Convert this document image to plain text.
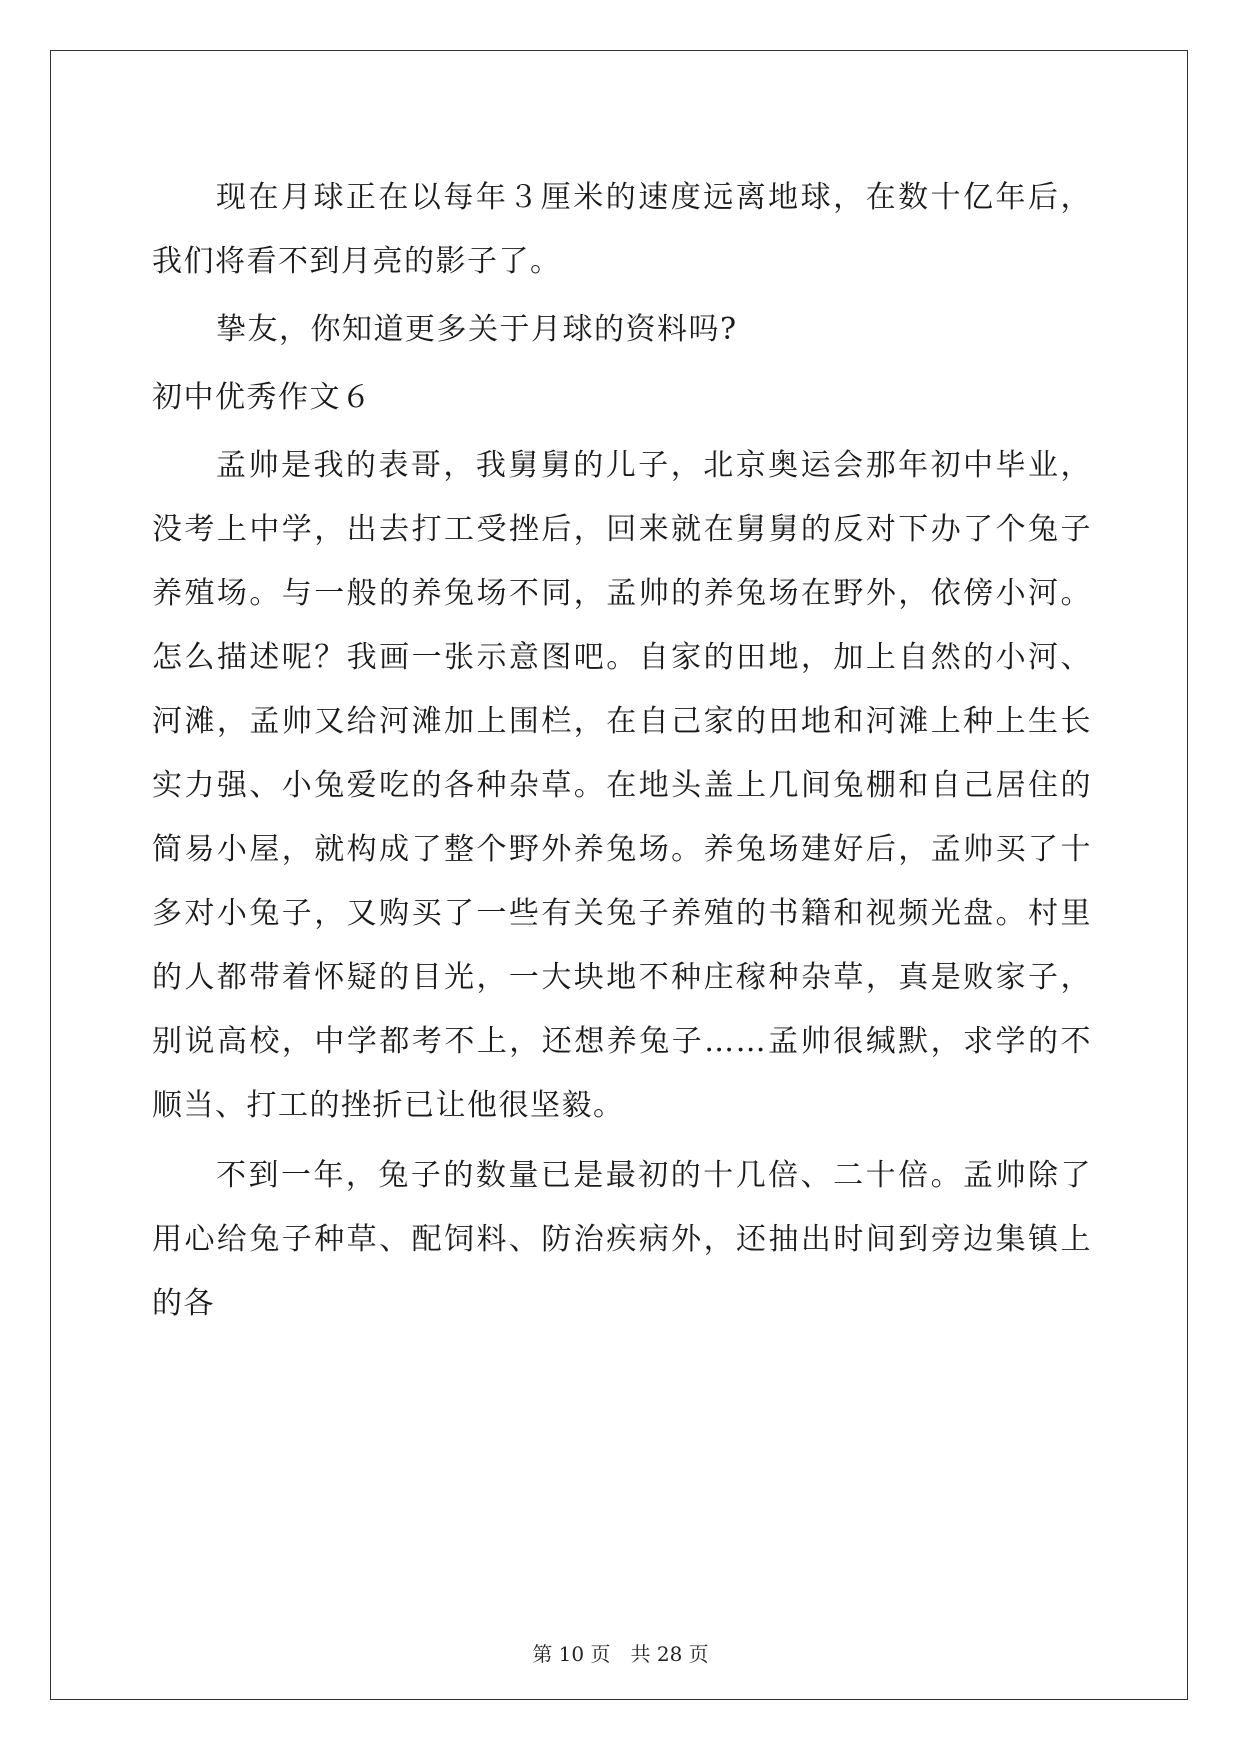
现在月球正在以每年３厘米的速度远离地球，在数十亿年后，我们将看不到月亮的影子了。

挚友，你知道更多关于月球的资料吗?

初中优秀作文６

孟帅是我的表哥，我舅舅的儿子，北京奥运会那年初中毕业，没考上中学，出去打工受挫后，回来就在舅舅的反对下办了个兔子养殖场。与一般的养兔场不同，孟帅的养兔场在野外，依傍小河。怎么描述呢？我画一张示意图吧。自家的田地，加上自然的小河、河滩，孟帅又给河滩加上围栏，在自己家的田地和河滩上种上生长实力强、小兔爱吃的各种杂草。在地头盖上几间兔棚和自己居住的简易小屋，就构成了整个野外养兔场。养兔场建好后，孟帅买了十多对小兔子，又购买了一些有关兔子养殖的书籍和视频光盘。村里的人都带着怀疑的目光，一大块地不种庄稼种杂草，真是败家子，别说高校，中学都考不上，还想养兔子……孟帅很缄默，求学的不顺当、打工的挫折已让他很坚毅。

不到一年，兔子的数量已是最初的十几倍、二十倍。孟帅除了用心给兔子种草、配饲料、防治疾病外，还抽出时间到旁边集镇上的各

第 10 页　共 28 页
